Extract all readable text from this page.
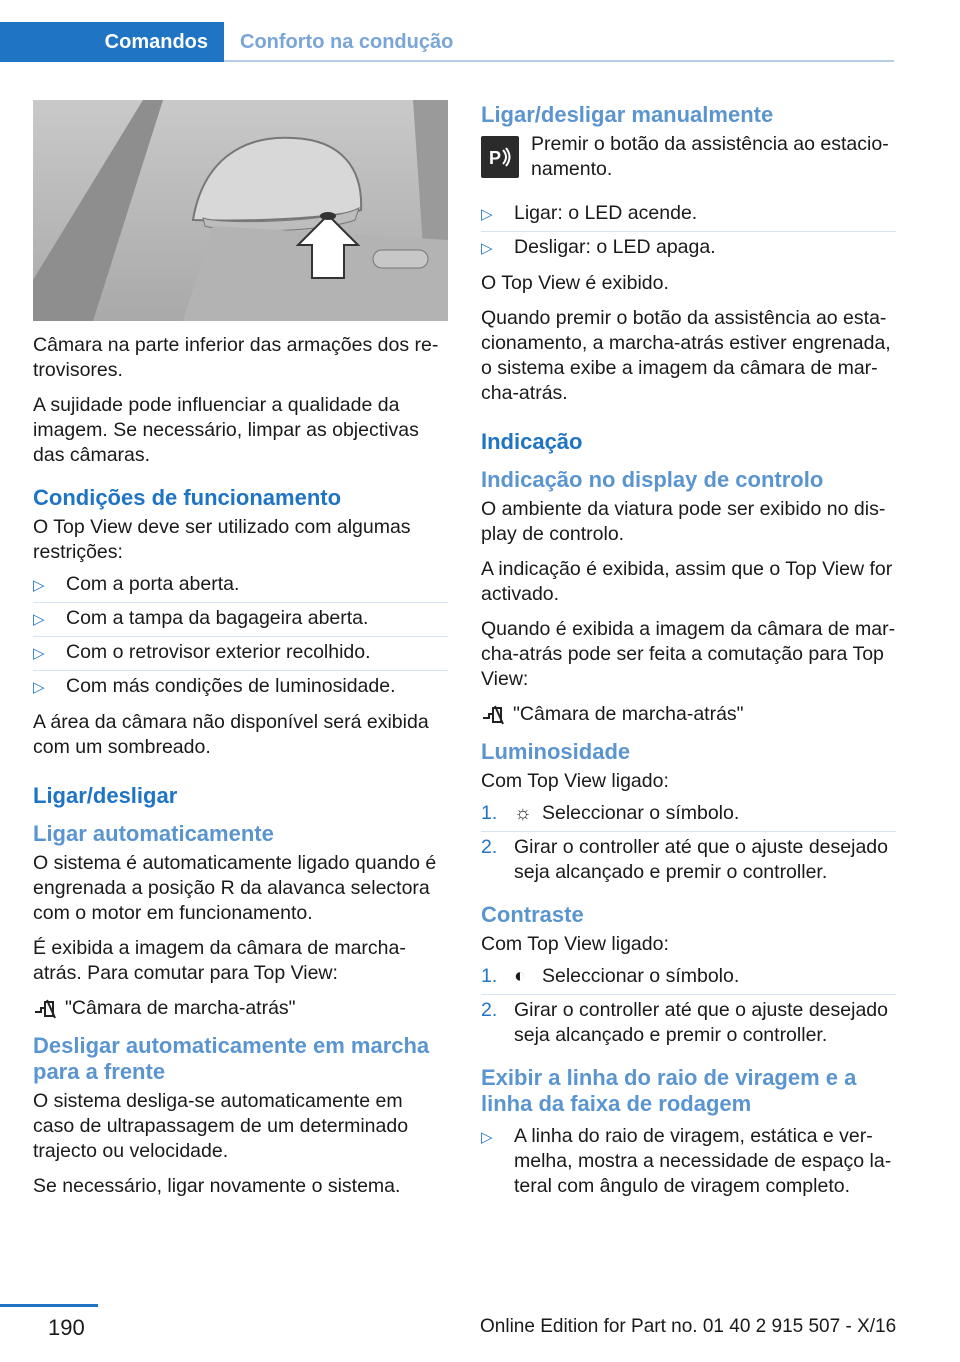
Comandos	Conforto na condução

Câmara na parte inferior das armações dos retrovisores.

A sujidade pode influenciar a qualidade da imagem. Se necessário, limpar as objectivas das câmaras.

Condições de funcionamento

O Top View deve ser utilizado com algumas restrições:

▷ Com a porta aberta.
▷ Com a tampa da bagageira aberta.
▷ Com o retrovisor exterior recolhido.
▷ Com más condições de luminosidade.

A área da câmara não disponível será exibida com um sombreado.

Ligar/desligar
Ligar automaticamente

O sistema é automaticamente ligado quando é engrenada a posição R da alavanca selectora com o motor em funcionamento.

É exibida a imagem da câmara de marcha-atrás. Para comutar para Top View:

"Câmara de marcha-atrás"
Desligar automaticamente em marcha para a frente

O sistema desliga-se automaticamente em caso de ultrapassagem de um determinado trajecto ou velocidade.

Se necessário, ligar novamente o sistema.

Ligar/desligar manualmente
P

Premir o botão da assistência ao estacionamento.

▷ Ligar: o LED acende.
▷ Desligar: o LED apaga.

O Top View é exibido.

Quando premir o botão da assistência ao estacionamento, a marcha-atrás estiver engrenada, o sistema exibe a imagem da câmara de marcha-atrás.

Indicação
Indicação no display de controlo

O ambiente da viatura pode ser exibido no display de controlo.

A indicação é exibida, assim que o Top View for activado.

Quando é exibida a imagem da câmara de marcha-atrás pode ser feita a comutação para Top View:

"Câmara de marcha-atrás"
Luminosidade

Com Top View ligado:

1. ☼ Seleccionar o símbolo.
2. Girar o controller até que o ajuste desejado seja alcançado e premir o controller.
Contraste

Com Top View ligado:

1. ◐ Seleccionar o símbolo.
2. Girar o controller até que o ajuste desejado seja alcançado e premir o controller.
Exibir a linha do raio de viragem e a linha da faixa de rodagem
▷ A linha do raio de viragem, estática e vermelha, mostra a necessidade de espaço lateral com ângulo de viragem completo.
190	Online Edition for Part no. 01 40 2 915 507 - X/16
